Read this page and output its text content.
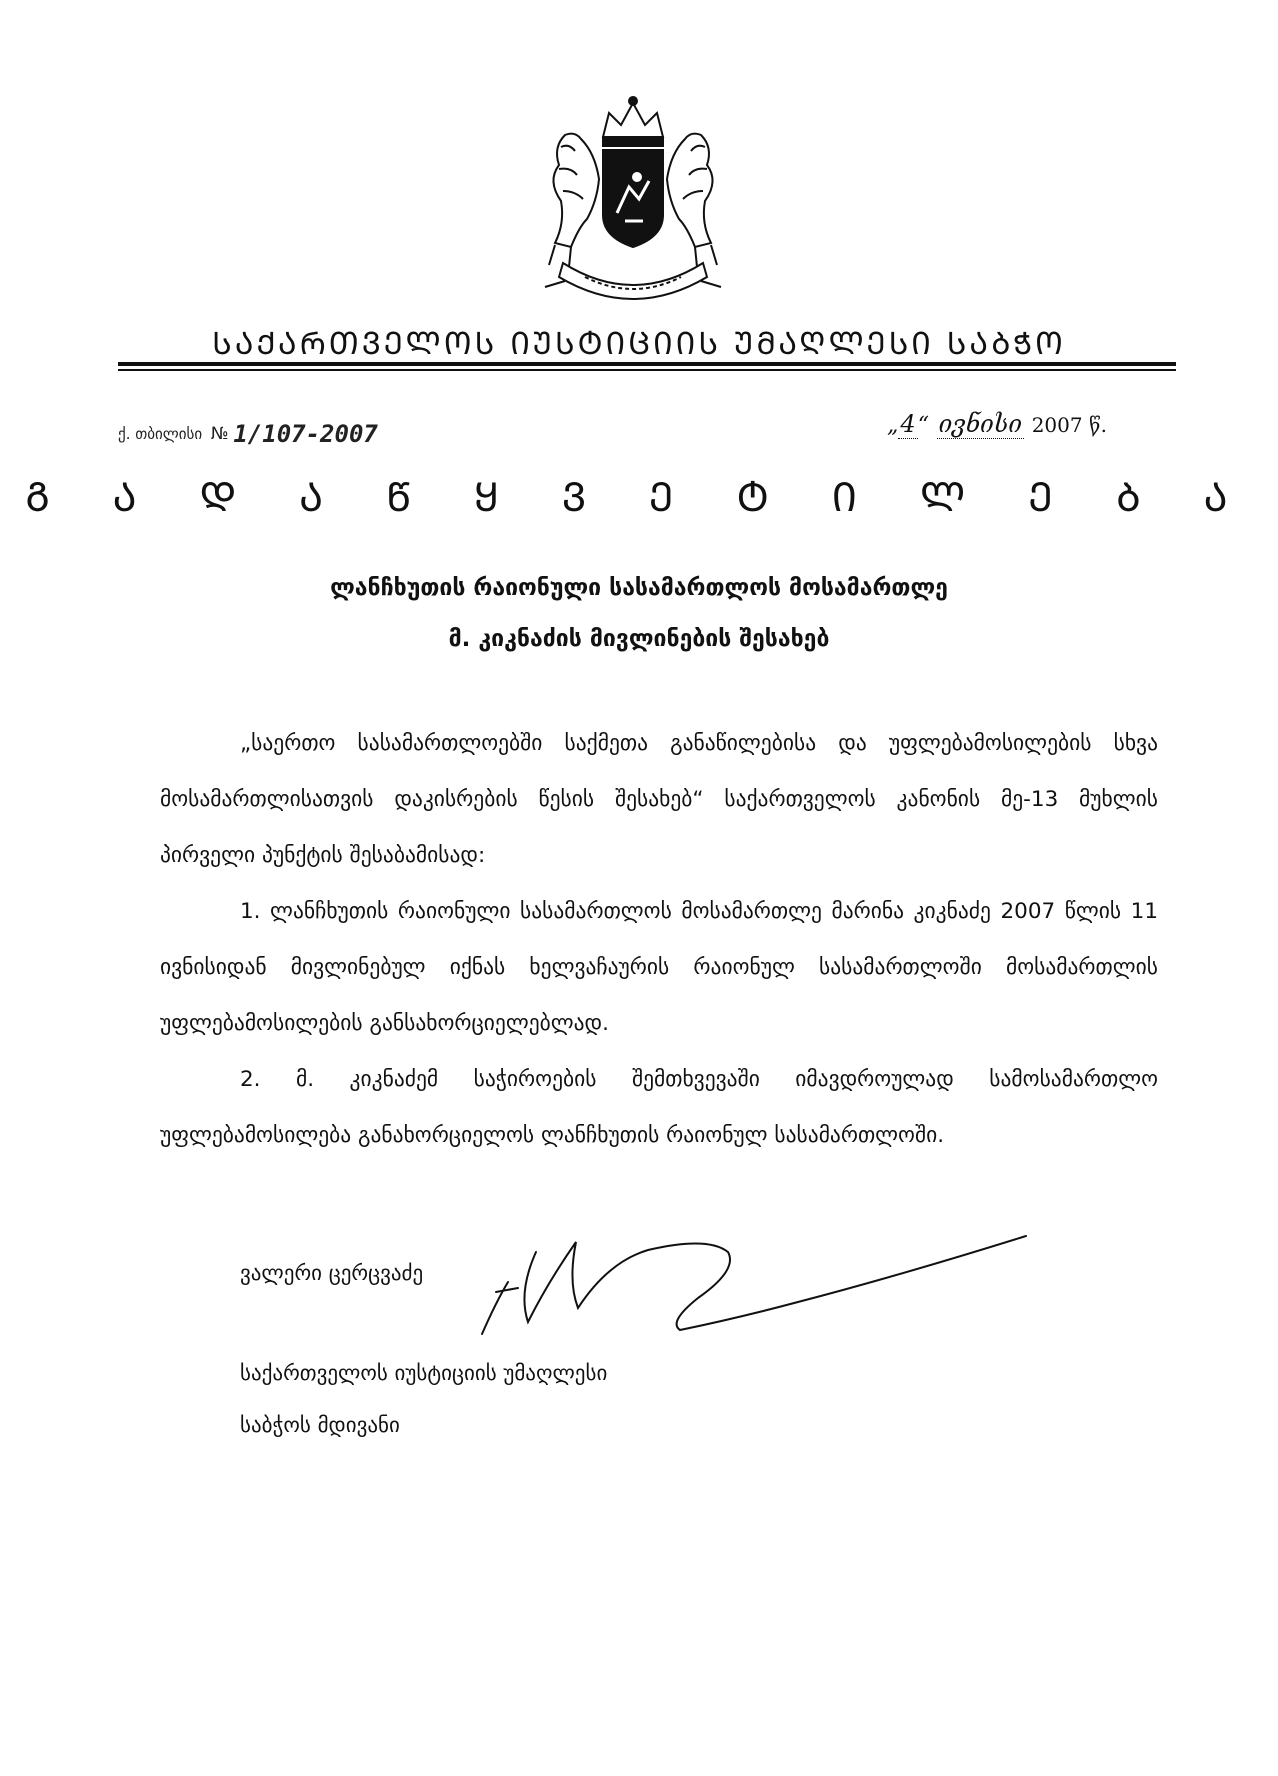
ᲡᲐᲥᲐᲠᲗᲕᲔᲚᲝᲡ ᲘᲣᲡᲢᲘᲪᲘᲘᲡ ᲣᲛᲐᲦᲚᲔᲡᲘ ᲡᲐᲑᲭᲝ
ქ. თბილისი № 1/107-2007	„4“ ივნისი 2007 წ.
Გ Ა Დ Ა Წ Ყ Ვ Ე Ტ Ი Ლ Ე Ბ Ა
ლანჩხუთის რაიონული სასამართლოს მოსამართლე
მ. კიკნაძის მივლინების შესახებ

„საერთო სასამართლოებში საქმეთა განაწილებისა და უფლებამოსილების სხვა მოსამართლისათვის დაკისრების წესის შესახებ“ საქართველოს კანონის მე-13 მუხლის პირველი პუნქტის შესაბამისად:

1. ლანჩხუთის რაიონული სასამართლოს მოსამართლე მარინა კიკნაძე 2007 წლის 11 ივნისიდან მივლინებულ იქნას ხელვაჩაურის რაიონულ სასამართლოში მოსამართლის უფლებამოსილების განსახორციელებლად.

2. მ. კიკნაძემ საჭიროების შემთხვევაში იმავდროულად სამოსამართლო უფლებამოსილება განახორციელოს ლანჩხუთის რაიონულ სასამართლოში.

ვალერი ცერცვაძე
საქართველოს იუსტიციის უმაღლესი
საბჭოს მდივანი
